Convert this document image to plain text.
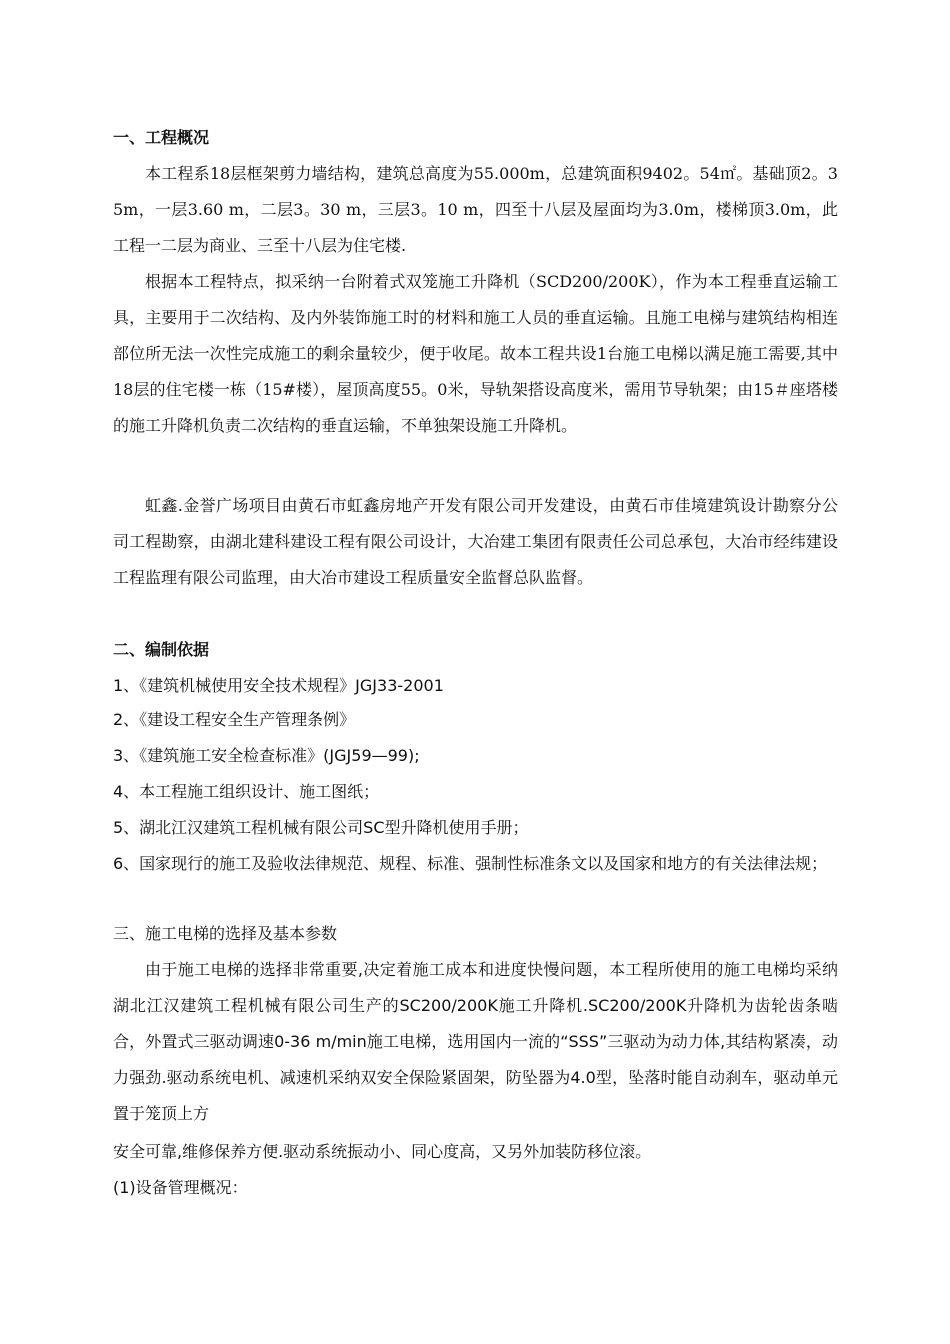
一、工程概况
本工程系18层框架剪力墙结构，建筑总高度为55.000m，总建筑面积9402。54㎡。基础顶2。35m，一层3.60 m，二层3。30 m，三层3。10 m，四至十八层及屋面均为3.0m，楼梯顶3.0m，此工程一二层为商业、三至十八层为住宅楼.
根据本工程特点，拟采纳一台附着式双笼施工升降机（SCD200/200K），作为本工程垂直运输工具，主要用于二次结构、及内外装饰施工时的材料和施工人员的垂直运输。且施工电梯与建筑结构相连部位所无法一次性完成施工的剩余量较少，便于收尾。故本工程共设1台施工电梯以满足施工需要,其中18层的住宅楼一栋（15#楼），屋顶高度55。0米，导轨架搭设高度米，需用节导轨架；由15＃座塔楼的施工升降机负责二次结构的垂直运输，不单独架设施工升降机。
虹鑫.金誉广场项目由黄石市虹鑫房地产开发有限公司开发建设，由黄石市佳境建筑设计勘察分公司工程勘察，由湖北建科建设工程有限公司设计，大冶建工集团有限责任公司总承包，大冶市经纬建设工程监理有限公司监理，由大冶市建设工程质量安全监督总队监督。
二、编制依据
1、《建筑机械使用安全技术规程》JGJ33-2001
2、《建设工程安全生产管理条例》
3、《建筑施工安全检查标准》(JGJ59—99);
4、本工程施工组织设计、施工图纸；
5、湖北江汉建筑工程机械有限公司SC型升降机使用手册；
6、国家现行的施工及验收法律规范、规程、标准、强制性标准条文以及国家和地方的有关法律法规；
三、施工电梯的选择及基本参数
由于施工电梯的选择非常重要,决定着施工成本和进度快慢问题，本工程所使用的施工电梯均采纳湖北江汉建筑工程机械有限公司生产的SC200/200K施工升降机.SC200/200K升降机为齿轮齿条啮合，外置式三驱动调速0-36 m/min施工电梯，选用国内一流的“SSS”三驱动为动力体,其结构紧凑，动力强劲.驱动系统电机、减速机采纳双安全保险紧固架，防坠器为4.0型，坠落时能自动刹车，驱动单元置于笼顶上方
安全可靠,维修保养方便.驱动系统振动小、同心度高，又另外加装防移位滚。
(1)设备管理概况：
